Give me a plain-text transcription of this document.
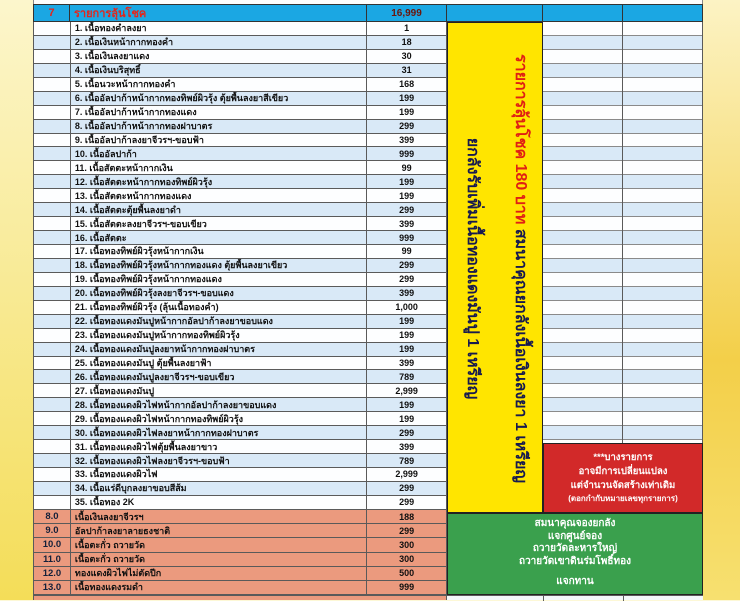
7	รายการลุ้นโชค	16,999
1. เนื้อทองคำลงยา	1
2. เนื้อเงินหน้ากากทองคำ	18
3. เนื้อเงินลงยาแดง	30
4. เนื้อเงินบริสุทธิ์	31
5. เนื้อนวะหน้ากากทองคำ	168
6. เนื้ออัลปาก้าหน้ากากทองทิพย์ผิวรุ้ง ตุ้ยพื้นลงยาสีเขียว	199
7. เนื้ออัลปาก้าหน้ากากทองแดง	199
8. เนื้ออัลปาก้าหน้ากากทองฝาบาตร	299
9. เนื้ออัลปาก้าลงยาจีวรฯ-ขอบฟ้า	399
10. เนื้ออัลปาก้า	999
11. เนื้อสัตตะหน้ากากเงิน	99
12. เนื้อสัตตะหน้ากากทองทิพย์ผิวรุ้ง	199
13. เนื้อสัตตะหน้ากากทองแดง	199
14. เนื้อสัตตะตุ้ยพื้นลงยาดำ	299
15. เนื้อสัตตะลงยาจีวรฯ-ขอบเขียว	399
16. เนื้อสัตตะ	999
17. เนื้อทองทิพย์ผิวรุ้งหน้ากากเงิน	99
18. เนื้อทองทิพย์ผิวรุ้งหน้ากากทองแดง ตุ้ยพื้นลงยาเขียว	299
19. เนื้อทองทิพย์ผิวรุ้งหน้ากากทองแดง	299
20. เนื้อทองทิพย์ผิวรุ้งลงยาจีวรฯ-ขอบแดง	399
21. เนื้อทองทิพย์ผิวรุ้ง (ลุ้นเนื้อทองคำ)	1,000
22. เนื้อทองแดงมันปูหน้ากากอัลปาก้าลงยาขอบแดง	199
23. เนื้อทองแดงมันปูหน้ากากทองทิพย์ผิวรุ้ง	199
24. เนื้อทองแดงมันปูลงยาหน้ากากทองฝาบาตร	199
25. เนื้อทองแดงมันปู ตุ้ยพื้นลงยาฟ้า	399
26. เนื้อทองแดงมันปูลงยาจีวรฯ-ขอบเขียว	789
27. เนื้อทองแดงมันปู	2,999
28. เนื้อทองแดงผิวไฟหน้ากากอัลปาก้าลงยาขอบแดง	199
29. เนื้อทองแดงผิวไฟหน้ากากทองทิพย์ผิวรุ้ง	199
30. เนื้อทองแดงผิวไฟลงยาหน้ากากทองฝาบาตร	299
31. เนื้อทองแดงผิวไฟตุ้ยพื้นลงยาขาว	399
32. เนื้อทองแดงผิวไฟลงยาจีวรฯ-ขอบฟ้า	789
33. เนื้อทองแดงผิวไฟ	2,999
34. เนื้อแร่ดีบุกลงยาขอบสีส้ม	299
35. เนื้อทอง 2K	299
8.0	เนื้อเงินลงยาจีวรฯ	188
9.0	อัลปาก้าลงยาลายธงชาติ	299
10.0	เนื้อตะกั่ว ถวายวัด	300
11.0	เนื้อตะกั่ว ถวายวัด	300
12.0	ทองแดงผิวไฟไม่ตัดปีก	500
13.0	เนื้อทองแดงรมดำ	999
รายการลุ้นโชค 180 บาท สมนาคุณยกลังเนื้อเงินลงยา 1 เหรียญ
ยกลังรับเพิ่มเนื้อทองแดงมันปู 1 เหรียญ
***บางรายการ
อาจมีการเปลี่ยนแปลง
แต่จำนวนจัดสร้างเท่าเดิม
(ตอกกำกับหมายเลขทุกรายการ)
สมนาคุณจองยกลัง
แจกศูนย์จอง
ถวายวัดละหารใหญ่
ถวายวัดเขาดินร่มโพธิ์ทอง
แจกทาน
